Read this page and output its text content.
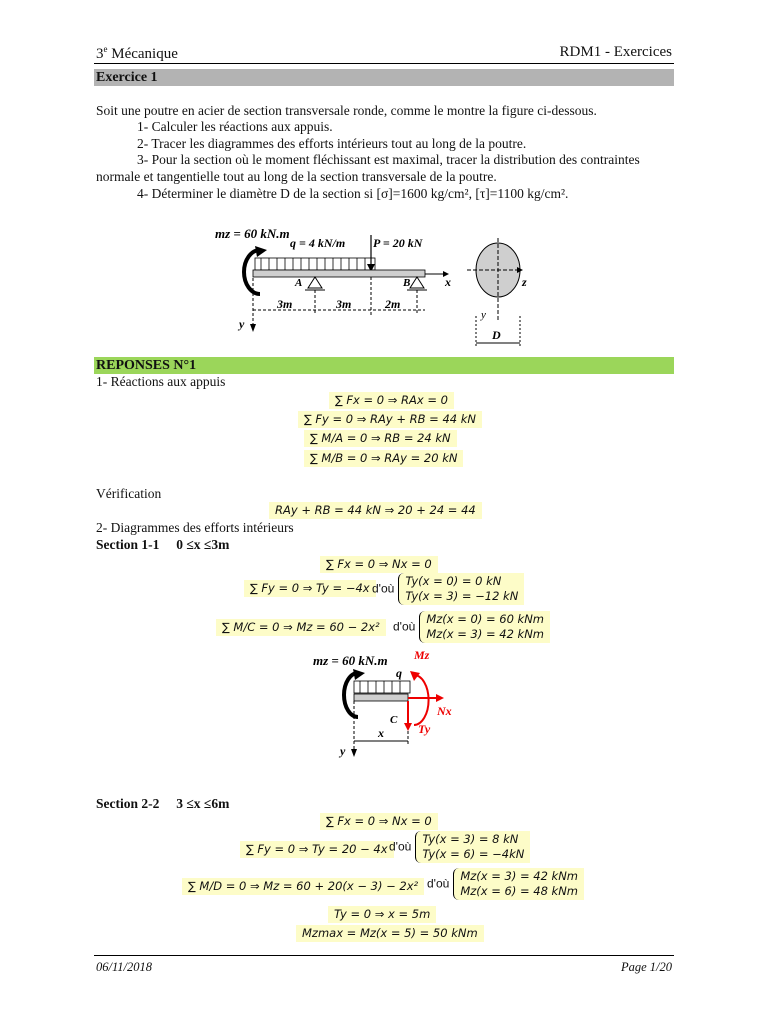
3e Mécanique	RDM1 - Exercices
Exercice 1
Soit une poutre en acier de section transversale ronde, comme le montre la figure ci-dessous.
1- Calculer les réactions aux appuis.
2- Tracer les diagrammes des efforts intérieurs tout au long de la poutre.
3- Pour la section où le moment fléchissant est maximal, tracer la distribution des contraintes
normale et tangentielle tout au long de la section transversale de la poutre.
4- Déterminer le diamètre D de la section si [σ]=1600 kg/cm², [τ]=1100 kg/cm².
mz = 60 kN.m
q = 4 kN/m P = 20 kN
x
A	B
3m	3m	2m
y
z
y
D
REPONSES N°1
1- Réactions aux appuis
∑ Fx = 0 ⇒ RAx = 0
∑ Fy = 0 ⇒ RAy + RB = 44 kN
∑ M/A = 0 ⇒ RB = 24 kN
∑ M/B = 0 ⇒ RAy = 20 kN
Vérification
RAy + RB = 44 kN ⇒ 20 + 24 = 44
2- Diagrammes des efforts intérieurs
Section 1-1 0 ≤x ≤3m
∑ Fx = 0 ⇒ Nx = 0
∑ Fy = 0 ⇒ Ty = −4x d'où Ty(x = 0) = 0 kN
Ty(x = 3) = −12 kN
∑ M/C = 0 ⇒ Mz = 60 − 2x²	d'où Mz(x = 0) = 60 kNm
Mz(x = 3) = 42 kNm
mz = 60 kN.m
q
Mz
Nx
Ty
C
x
y
Section 2-2 3 ≤x ≤6m
∑ Fx = 0 ⇒ Nx = 0
∑ Fy = 0 ⇒ Ty = 20 − 4x d'où Ty(x = 3) = 8 kN
Ty(x = 6) = −4kN
∑ M/D = 0 ⇒ Mz = 60 + 20(x − 3) − 2x² d'où Mz(x = 3) = 42 kNm
Mz(x = 6) = 48 kNm
Ty = 0 ⇒ x = 5m
Mzmax = Mz(x = 5) = 50 kNm
06/11/2018	Page 1/20
